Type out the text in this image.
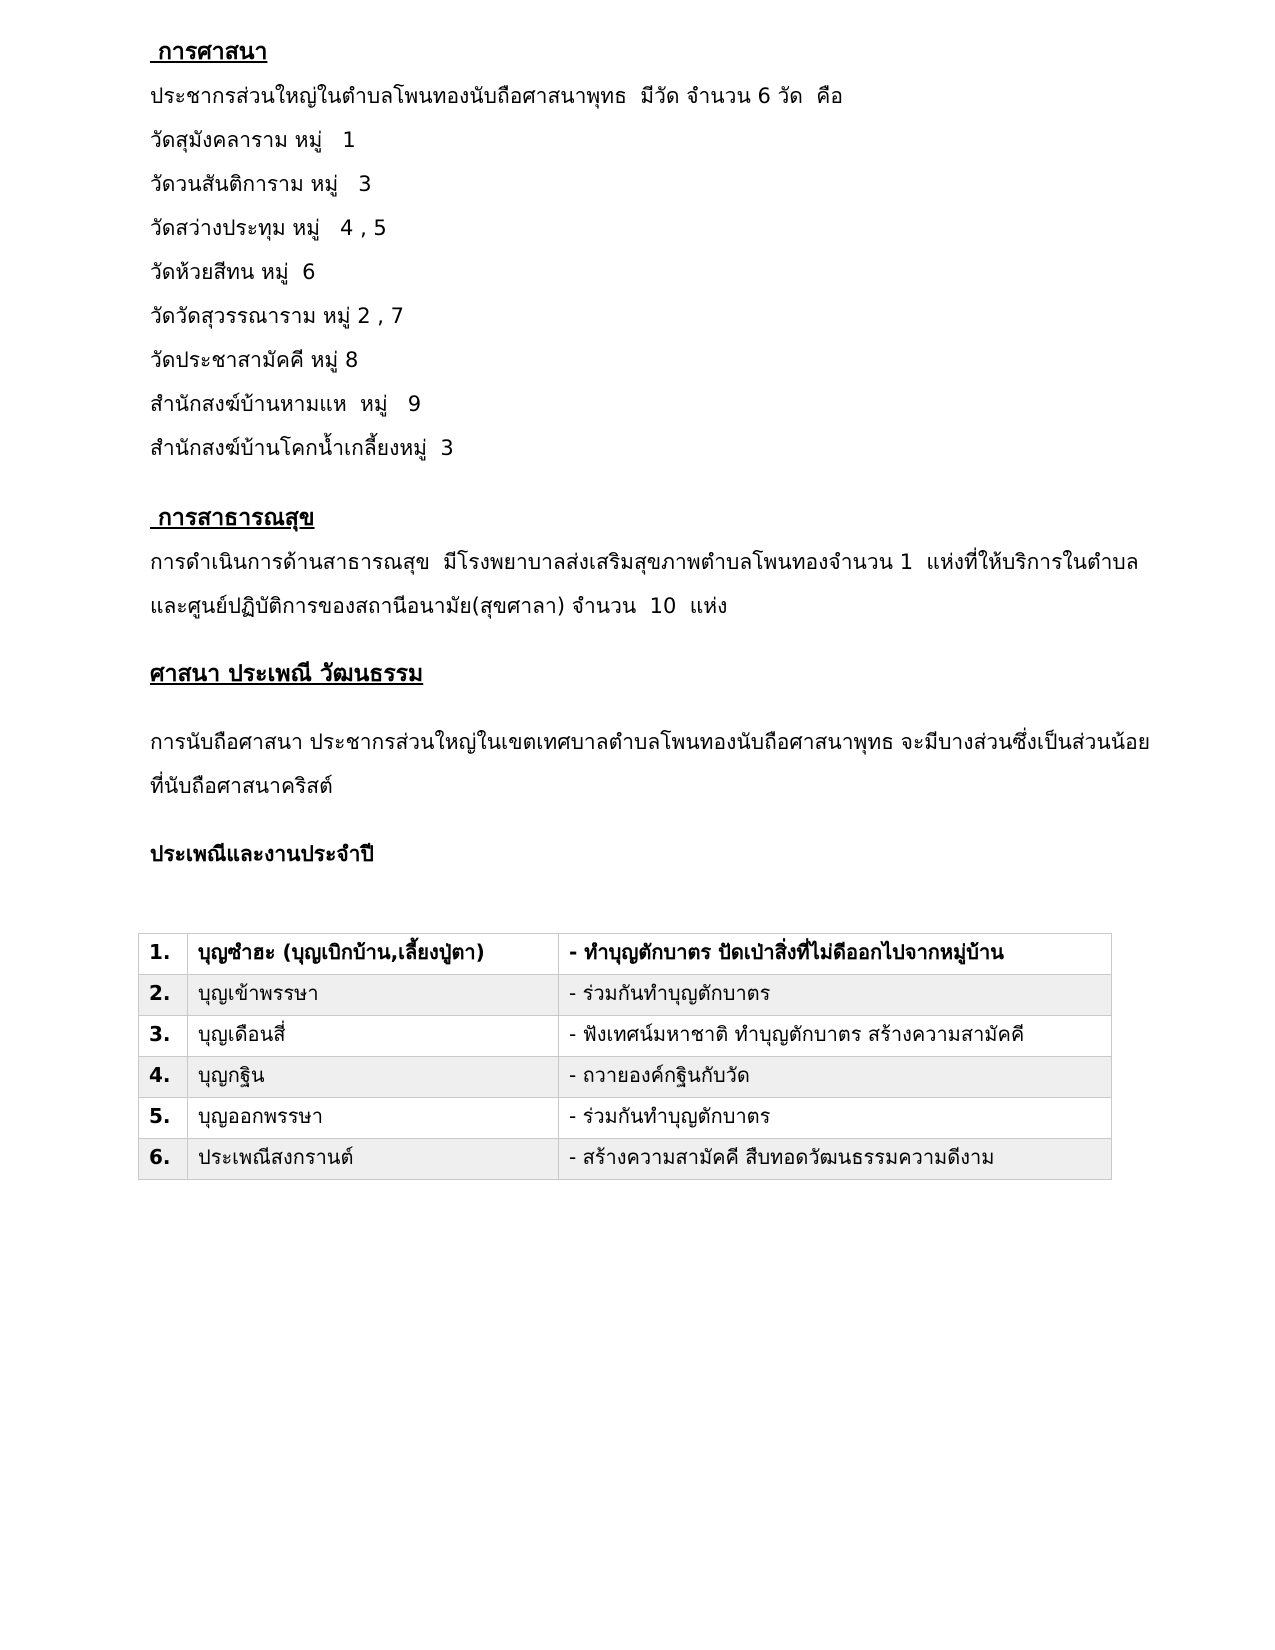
การศาสนา

ประชากรส่วนใหญ่ในตำบลโพนทองนับถือศาสนาพุทธ  มีวัด จำนวน 6 วัด  คือ

วัดสุมังคลาราม หมู่   1

วัดวนสันติการาม หมู่   3

วัดสว่างประทุม หมู่   4 , 5

วัดห้วยสีทน หมู่  6

วัดวัดสุวรรณาราม หมู่ 2 , 7

วัดประชาสามัคคี หมู่ 8

สำนักสงฆ์บ้านหามแห  หมู่   9

สำนักสงฆ์บ้านโคกน้ำเกลี้ยงหมู่  3

การสาธารณสุข

การดำเนินการด้านสาธารณสุข  มีโรงพยาบาลส่งเสริมสุขภาพตำบลโพนทองจำนวน 1  แห่งที่ให้บริการในตำบล

และศูนย์ปฏิบัติการของสถานีอนามัย(สุขศาลา) จำนวน  10  แห่ง

ศาสนา ประเพณี วัฒนธรรม

การนับถือศาสนา ประชากรส่วนใหญ่ในเขตเทศบาลตำบลโพนทองนับถือศาสนาพุทธ จะมีบางส่วนซึ่งเป็นส่วนน้อย

ที่นับถือศาสนาคริสต์

ประเพณีและงานประจำปี

1.	บุญซำฮะ (บุญเบิกบ้าน,เลี้ยงปู่ตา)	- ทำบุญตักบาตร ปัดเป่าสิ่งที่ไม่ดีออกไปจากหมู่บ้าน
2.	บุญเข้าพรรษา	- ร่วมกันทำบุญตักบาตร
3.	บุญเดือนสี่	- ฟังเทศน์มหาชาติ ทำบุญตักบาตร สร้างความสามัคคี
4.	บุญกฐิน	- ถวายองค์กฐินกับวัด
5.	บุญออกพรรษา	- ร่วมกันทำบุญตักบาตร
6.	ประเพณีสงกรานต์	- สร้างความสามัคคี สืบทอดวัฒนธรรมความดีงาม
